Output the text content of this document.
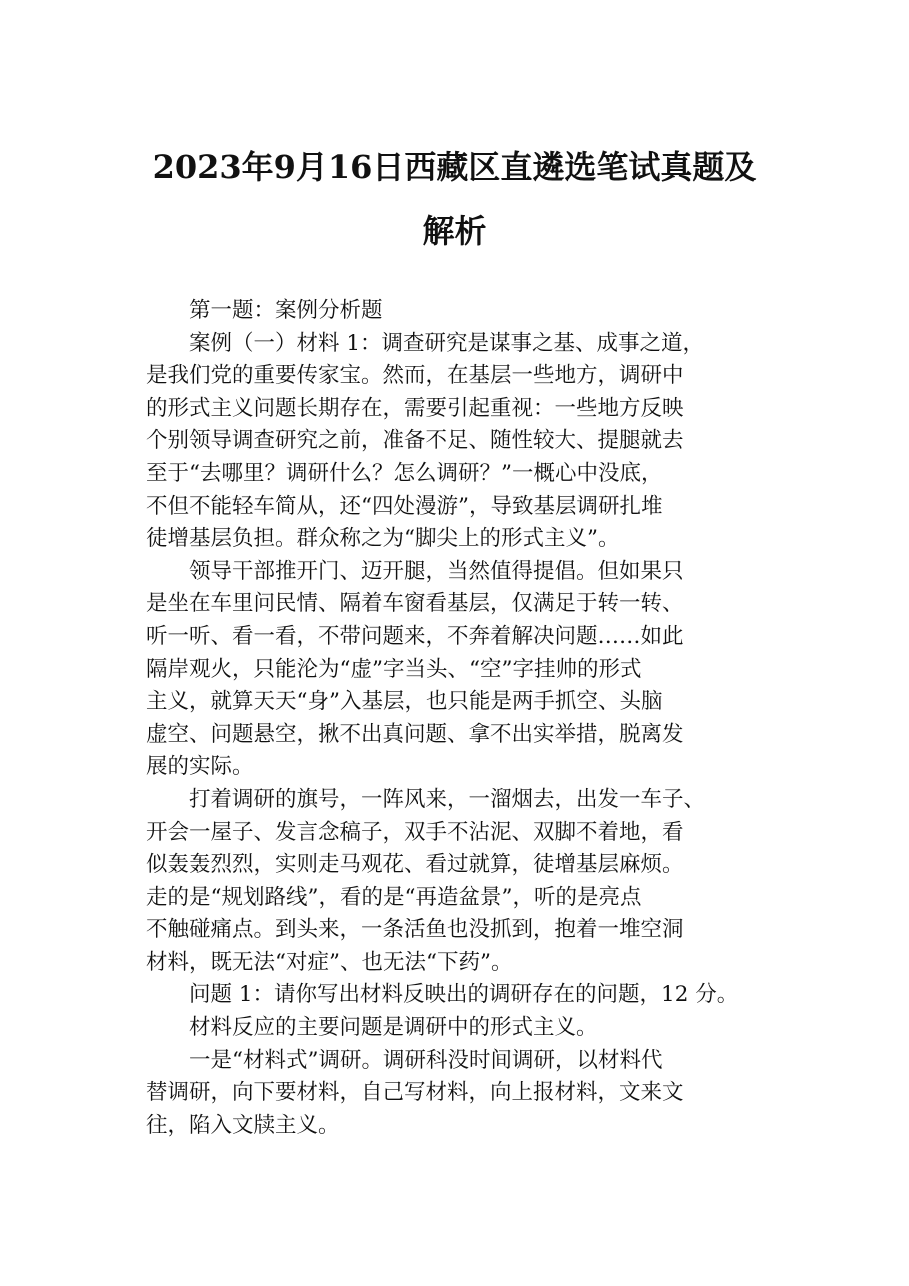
2023年9月16日西藏区直遴选笔试真题及
解析
第一题：案例分析题
案例（一）材料 1：调查研究是谋事之基、成事之道，
是我们党的重要传家宝。然而，在基层一些地方，调研中
的形式主义问题长期存在，需要引起重视：一些地方反映
个别领导调查研究之前，准备不足、随性较大、提腿就去
至于“去哪里？调研什么？怎么调研？”一概心中没底，
不但不能轻车简从，还“四处漫游”，导致基层调研扎堆
徒增基层负担。群众称之为“脚尖上的形式主义”。
领导干部推开门、迈开腿，当然值得提倡。但如果只
是坐在车里问民情、隔着车窗看基层，仅满足于转一转、
听一听、看一看，不带问题来，不奔着解决问题……如此
隔岸观火，只能沦为“虚”字当头、“空”字挂帅的形式
主义，就算天天“身”入基层，也只能是两手抓空、头脑
虚空、问题悬空，揪不出真问题、拿不出实举措，脱离发
展的实际。
打着调研的旗号，一阵风来，一溜烟去，出发一车子、
开会一屋子、发言念稿子，双手不沾泥、双脚不着地，看
似轰轰烈烈，实则走马观花、看过就算，徒增基层麻烦。
走的是“规划路线”，看的是“再造盆景”，听的是亮点
不触碰痛点。到头来，一条活鱼也没抓到，抱着一堆空洞
材料，既无法“对症”、也无法“下药”。
问题 1：请你写出材料反映出的调研存在的问题，12 分。
材料反应的主要问题是调研中的形式主义。
一是“材料式”调研。调研科没时间调研，以材料代
替调研，向下要材料，自己写材料，向上报材料，文来文
往，陷入文牍主义。
